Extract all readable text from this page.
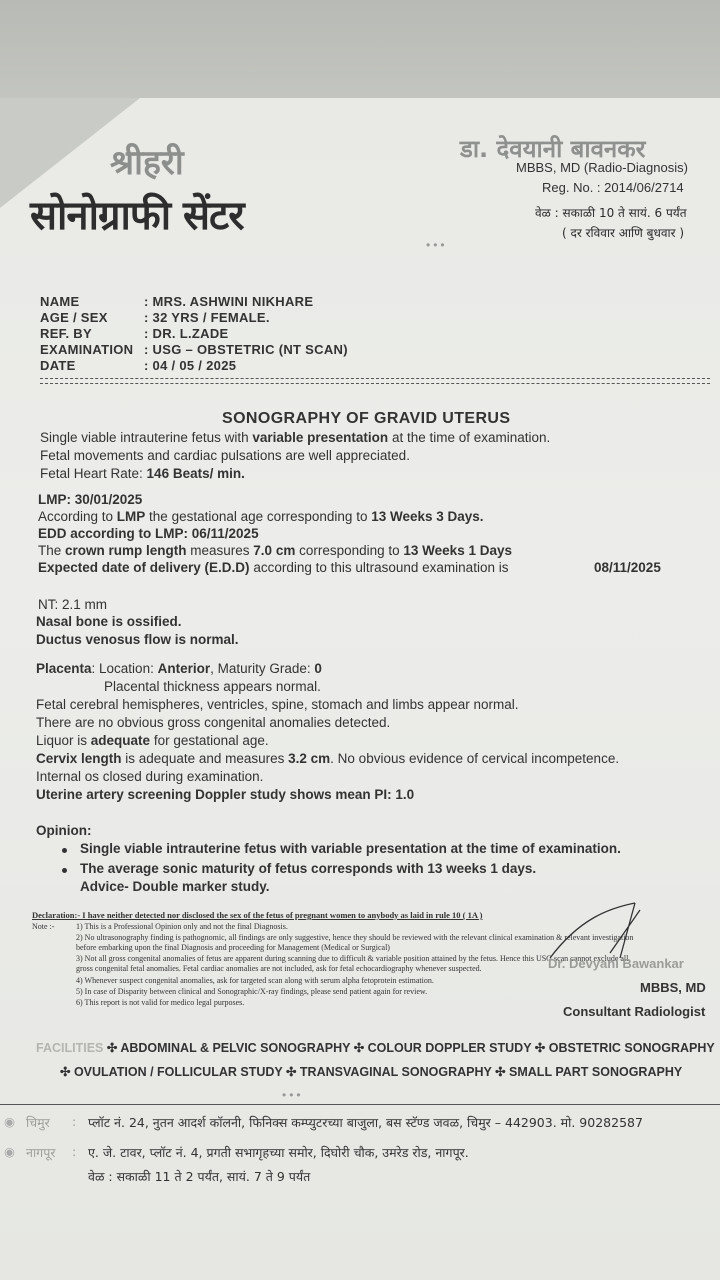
श्रीहरी
सोनोग्राफी सेंटर
डा. देवयानी बावनकर
MBBS, MD (Radio-Diagnosis)
Reg. No. : 2014/06/2714
वेळ : सकाळी 10 ते सायं. 6 पर्यंत
( दर रविवार आणि बुधवार )
•••
NAME	: MRS. ASHWINI NIKHARE
AGE / SEX	: 32 YRS / FEMALE.
REF. BY	: DR. L.ZADE
EXAMINATION : USG – OBSTETRIC (NT SCAN)
DATE	: 04 / 05 / 2025
SONOGRAPHY OF GRAVID UTERUS
Single viable intrauterine fetus with variable presentation at the time of examination.
Fetal movements and cardiac pulsations are well appreciated.
Fetal Heart Rate: 146 Beats/ min.
LMP: 30/01/2025
According to LMP the gestational age corresponding to 13 Weeks 3 Days.
EDD according to LMP: 06/11/2025
The crown rump length measures 7.0 cm corresponding to 13 Weeks 1 Days
Expected date of delivery (E.D.D) according to this ultrasound examination is	08/11/2025
NT: 2.1 mm
Nasal bone is ossified.
Ductus venosus flow is normal.
Placenta: Location: Anterior, Maturity Grade: 0
Placental thickness appears normal.
Fetal cerebral hemispheres, ventricles, spine, stomach and limbs appear normal.
There are no obvious gross congenital anomalies detected.
Liquor is adequate for gestational age.
Cervix length is adequate and measures 3.2 cm. No obvious evidence of cervical incompetence.
Internal os closed during examination.
Uterine artery screening Doppler study shows mean PI: 1.0
Opinion:
Single viable intrauterine fetus with variable presentation at the time of examination.
The average sonic maturity of fetus corresponds with 13 weeks 1 days.
Advice- Double marker study.
Declaration:- I have neither detected nor disclosed the sex of the fetus of pregnant women to anybody as laid in rule 10 ( 1A )
Note :-	1) This is a Professional Opinion only and not the final Diagnosis.
2) No ultrasonography finding is pathognomic, all findings are only suggestive, hence they should be reviewed with the relevant clinical examination & relevant investigation
before embarking upon the final Diagnosis and proceeding for Management (Medical or Surgical)
3) Not all gross congenital anomalies of fetus are apparent during scanning due to difficult & variable position attained by the fetus. Hence this USG scan cannot exclude all
gross congenital fetal anomalies. Fetal cardiac anomalies are not included, ask for fetal echocardiography whenever suspected.
4) Whenever suspect congenital anomalies, ask for targeted scan along with serum alpha fetoprotein estimation.
5) In case of Disparity between clinical and Sonographic/X-ray findings, please send patient again for review.
6) This report is not valid for medico legal purposes.
Dr. Devyani Bawankar
MBBS, MD
Consultant Radiologist
FACILITIES ✣ ABDOMINAL & PELVIC SONOGRAPHY ✣ COLOUR DOPPLER STUDY ✣ OBSTETRIC SONOGRAPHY
✣ OVULATION / FOLLICULAR STUDY ✣ TRANSVAGINAL SONOGRAPHY ✣ SMALL PART SONOGRAPHY
•••
◉ चिमुर : प्लॉट नं. 24, नुतन आदर्श कॉलनी, फिनिक्स कम्प्युटरच्या बाजुला, बस स्टॅण्ड जवळ, चिमुर – 442903. मो. 90282587
◉ नागपूर : ए. जे. टावर, प्लॉट नं. 4, प्रगती सभागृहच्या समोर, दिघोरी चौक, उमरेड रोड, नागपूर.
वेळ : सकाळी 11 ते 2 पर्यंत, सायं. 7 ते 9 पर्यंत
